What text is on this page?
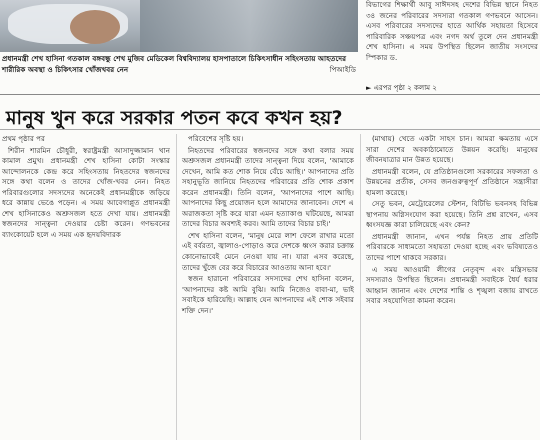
প্রধানমন্ত্রী শেখ হাসিনা গতকাল বঙ্গবন্ধু শেখ মুজিব মেডিকেল বিশ্ববিদ্যালয় হাসপাতালে চিকিৎসাধীন সহিংসতায় আহতদের শারীরিক অবস্থা ও চিকিৎসার খোঁজখবর নেন	পিআইডি
বিভাগের শিক্ষার্থী আবু সাঈদসহ দেশের বিভিন্ন স্থানে নিহত ৩৪ জনের পরিবারের সদস্যরা গতকাল গণভবনে আসেন। এসব পরিবারের সদস্যদের হাতে আর্থিক সহায়তা হিসেবে পারিবারিক সঞ্চয়পত্র এবং নগদ অর্থ তুলে দেন প্রধানমন্ত্রী শেখ হাসিনা। এ সময় উপস্থিত ছিলেন জাতীয় সংসদের স্পিকার ড.
► এরপর পৃষ্ঠা ২ কলাম ২
মানুষ খুন করে সরকার পতন কবে কখন হয়?
প্রথম পৃষ্ঠার পর

শিরীন শারমিন চৌধুরী, স্বরাষ্ট্রমন্ত্রী আসাদুজ্জামান খান কামাল প্রমুখ। প্রধানমন্ত্রী শেখ হাসিনা কোটা সংস্কার আন্দোলনকে কেন্দ্র করে সহিংসতায় নিহতদের স্বজনদের সঙ্গে কথা বলেন ও তাদের খোঁজ-খবর নেন। নিহত পরিবারগুলোর সদস্যদের অনেকেই প্রধানমন্ত্রীকে জড়িয়ে ধরে কান্নায় ভেঙে পড়েন। এ সময় আবেগাপ্লুত প্রধানমন্ত্রী শেখ হাসিনাকেও অশ্রুসজল হতে দেখা যায়। প্রধানমন্ত্রী স্বজনদের সান্ত্বনা দেওয়ার চেষ্টা করেন। গণভবনের ব্যাংকোয়েট হলে এ সময় এক হৃদয়বিদারক

পরিবেশের সৃষ্টি হয়।

নিহতদের পরিবারের স্বজনদের সঙ্গে কথা বলার সময় অশ্রুসজল প্রধানমন্ত্রী তাদের সান্ত্বনা দিয়ে বলেন, 'আমাকে দেখেন, আমি কত শোক নিয়ে বেঁচে আছি।' আপনাদের প্রতি সহানুভূতি জানিয়ে নিহতদের পরিবারের প্রতি শোক প্রকাশ করেন প্রধানমন্ত্রী। তিনি বলেন, 'আপনাদের পাশে আছি। আপনাদের কিছু প্রয়োজন হলে আমাদের জানাবেন। দেশে এ অরাজকতা সৃষ্টি করে যারা এমন হত্যাকাণ্ড ঘটিয়েছে, আমরা তাদের বিচার অবশ্যই করব। আমি তাদের বিচার চাই।'

শেখ হাসিনা বলেন, 'মানুষ মেরে লাশ ফেলে রাখার মতো এই বর্বরতা, জ্বালাও-পোড়াও করে দেশকে ধ্বংস করার চক্রান্ত কোনোভাবেই মেনে নেওয়া যায় না। যারা এসব করেছে, তাদের খুঁজে বের করে বিচারের আওতায় আনা হবে।'

স্বজন হারানো পরিবারের সদস্যদের শেখ হাসিনা বলেন, 'আপনাদের কষ্ট আমি বুঝি। আমি নিজেও বাবা-মা, ভাই সবাইকে হারিয়েছি। আল্লাহ যেন আপনাদের এই শোক সইবার শক্তি দেন।'

(মাথায়) খেতে একটা সাহস চান। আমরা ক্ষমতায় এসে সারা দেশের অবকাঠামোতে উন্নয়ন করেছি। মানুষের জীবনযাত্রার মান উন্নত হয়েছে।

প্রধানমন্ত্রী বলেন, যে প্রতিষ্ঠানগুলো সরকারের সফলতা ও উন্নয়নের প্রতীক, সেসব জনগুরুত্বপূর্ণ প্রতিষ্ঠানে সন্ত্রাসীরা হামলা করেছে।

সেতু ভবন, মেট্রোরেলের স্টেশন, বিটিভি ভবনসহ বিভিন্ন স্থাপনায় অগ্নিসংযোগ করা হয়েছে। তিনি প্রশ্ন রাখেন, এসব ধ্বংসযজ্ঞ কারা চালিয়েছে এবং কেন?

প্রধানমন্ত্রী জানান, এখন পর্যন্ত নিহত প্রায় প্রতিটি পরিবারকে সাধ্যমতো সহায়তা দেওয়া হচ্ছে এবং ভবিষ্যতেও তাদের পাশে থাকবে সরকার।

এ সময় আওয়ামী লীগের নেতৃবৃন্দ এবং মন্ত্রিসভার সদস্যরাও উপস্থিত ছিলেন। প্রধানমন্ত্রী সবাইকে ধৈর্য ধরার আহ্বান জানান এবং দেশের শান্তি ও শৃঙ্খলা বজায় রাখতে সবার সহযোগিতা কামনা করেন।
